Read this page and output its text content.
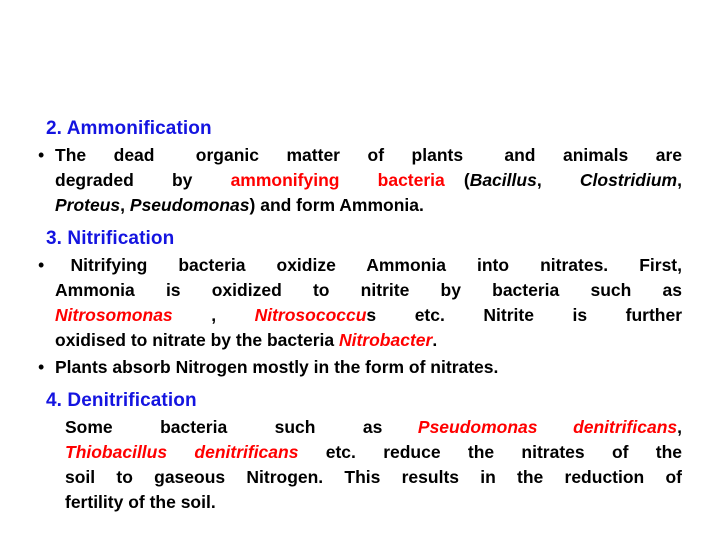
2. Ammonification
• The  dead   organic  matter  of  plants   and  animals  are
degraded  by  ammonifying  bacteria (Bacillus,  Clostridium,
Proteus, Pseudomonas) and form Ammonia.
3. Nitrification
• Nitrifying  bacteria  oxidize  Ammonia  into  nitrates.  First,
Ammonia  is  oxidized  to  nitrite  by  bacteria  such  as
Nitrosomonas  ,  Nitrosococcus  etc.  Nitrite  is  further
oxidised to nitrate by the bacteria Nitrobacter.
• Plants absorb Nitrogen mostly in the form of nitrates.
4. Denitrification
Some    bacteria    such    as   Pseudomonas   denitrificans,
Thiobacillus  denitrificans  etc.  reduce  the  nitrates  of  the
soil  to  gaseous  Nitrogen.  This  results  in  the  reduction  of
fertility of the soil.
